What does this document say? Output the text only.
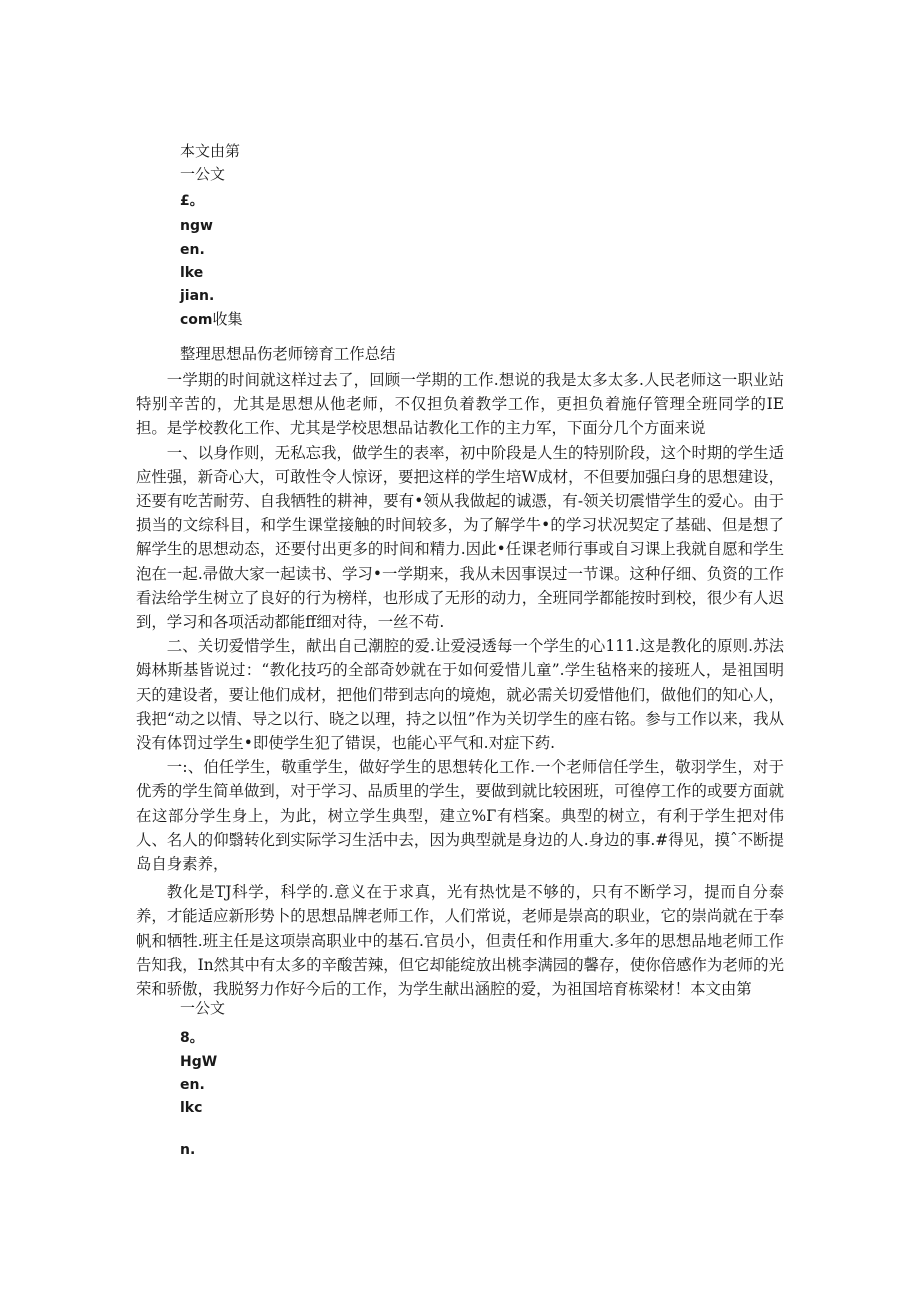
本文由第
一公文
£。
ngw
en.
lke
jian.
com收集
整理思想品伤老师镑育工作总结

一学期的时间就这样过去了，回顾一学期的工作.想说的我是太多太多.人民老师这一职业站特别辛苦的，尤其是思想从他老师，不仅担负着教学工作，更担负着施仔管理全班同学的IE担。是学校教化工作、尤其是学校思想品诂教化工作的主力军，下面分几个方面来说

一、以身作则，无私忘我，做学生的表率，初中阶段是人生的特别阶段，这个时期的学生适应性强，新奇心大，可敢性令人惊讶，要把这样的学生培W成材，不但要加强臼身的思想建设，还要有吃苦耐劳、自我牺牲的耕神，要有•领从我做起的诚憑，有-领关切震惜学生的爱心。由于损当的文综科目，和学生课堂接触的时间较多，为了解学牛•的学习状况契定了基础、但是想了解学生的思想动态，还要付出更多的时间和精力.因此•任课老师行事或自习课上我就自愿和学生泡在一起.帚做大家一起读书、学习•一学期来，我从未因事误过一节课。这种仔细、负资的工作看法给学生树立了良好的行为榜样，也形成了无形的动力，全班同学都能按时到校，很少有人迟到，学习和各项活动都能ff细对待，一丝不苟.

二、关切爱惜学生，献出自己潮腔的爱.让爱浸透每一个学生的心111.这是教化的原则.苏法姆林斯基皆说过：“教化技巧的全部奇妙就在于如何爱惜儿童”.学生毡格来的接班人，是祖国明天的建设者，要让他们成材，把他们带到志向的境炮，就必需关切爱惜他们，做他们的知心人，我把“动之以情、导之以行、晓之以理，持之以忸”作为关切学生的座右铭。参与工作以来，我从没有体罚过学生•即使学生犯了错误，也能心平气和.对症下药.

一:、伯任学生，敬重学生，做好学生的思想转化工作.一个老师信任学生，敬羽学生，对于优秀的学生简单做到，对于学习、品质里的学生，要做到就比较困班，可徨停工作的或要方面就在这部分学生身上，为此，树立学生典型，建立%Г有档案。典型的树立，有利于学生把对伟人、名人的仰翳转化到实际学习生活中去，因为典型就是身边的人.身边的事.#得见，摸ˆ不断提岛自身素养，

教化是TJ科学，科学的.意义在于求真，光有热忱是不够的，只有不断学习，提而自分泰养，才能适应新形势卜的思想品牌老师工作，人们常说，老师是崇高的职业，它的崇尚就在于奉帆和牺牲.班主任是这项崇高职业中的基石.官员小，但责任和作用重大.多年的思想品地老师工作告知我，In然其中有太多的辛酸苦辣，但它却能绽放出桃李满园的馨存，使你倍感作为老师的光荣和骄傲，我脱努力作好今后的工作，为学生献出涵腔的爱，为祖国培育栋梁材！本文由第

一公文
8。
HgW
en.
lkc
n.
